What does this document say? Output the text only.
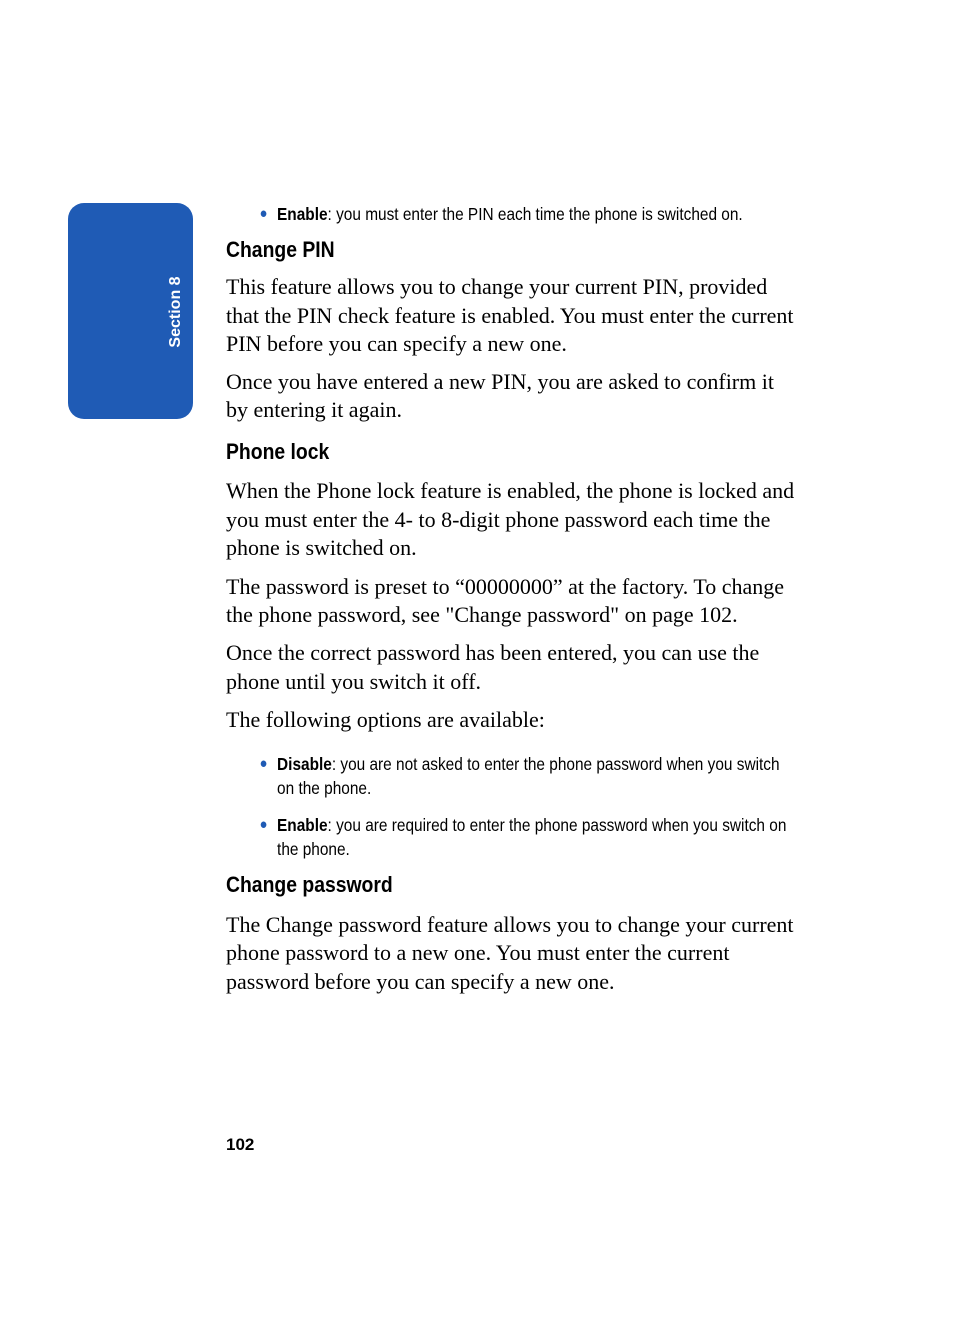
Section 8
● Enable: you must enter the PIN each time the phone is switched on.
Change PIN

This feature allows you to change your current PIN, provided that the PIN check feature is enabled. You must enter the current PIN before you can specify a new one.

Once you have entered a new PIN, you are asked to confirm it by entering it again.

Phone lock

When the Phone lock feature is enabled, the phone is locked and you must enter the 4- to 8-digit phone password each time the phone is switched on.

The password is preset to “00000000” at the factory. To change the phone password, see "Change password" on page 102.

Once the correct password has been entered, you can use the phone until you switch it off.

The following options are available:

● Disable: you are not asked to enter the phone password when you switch on the phone.
● Enable: you are required to enter the phone password when you switch on the phone.
Change password

The Change password feature allows you to change your current phone password to a new one. You must enter the current password before you can specify a new one.

102
